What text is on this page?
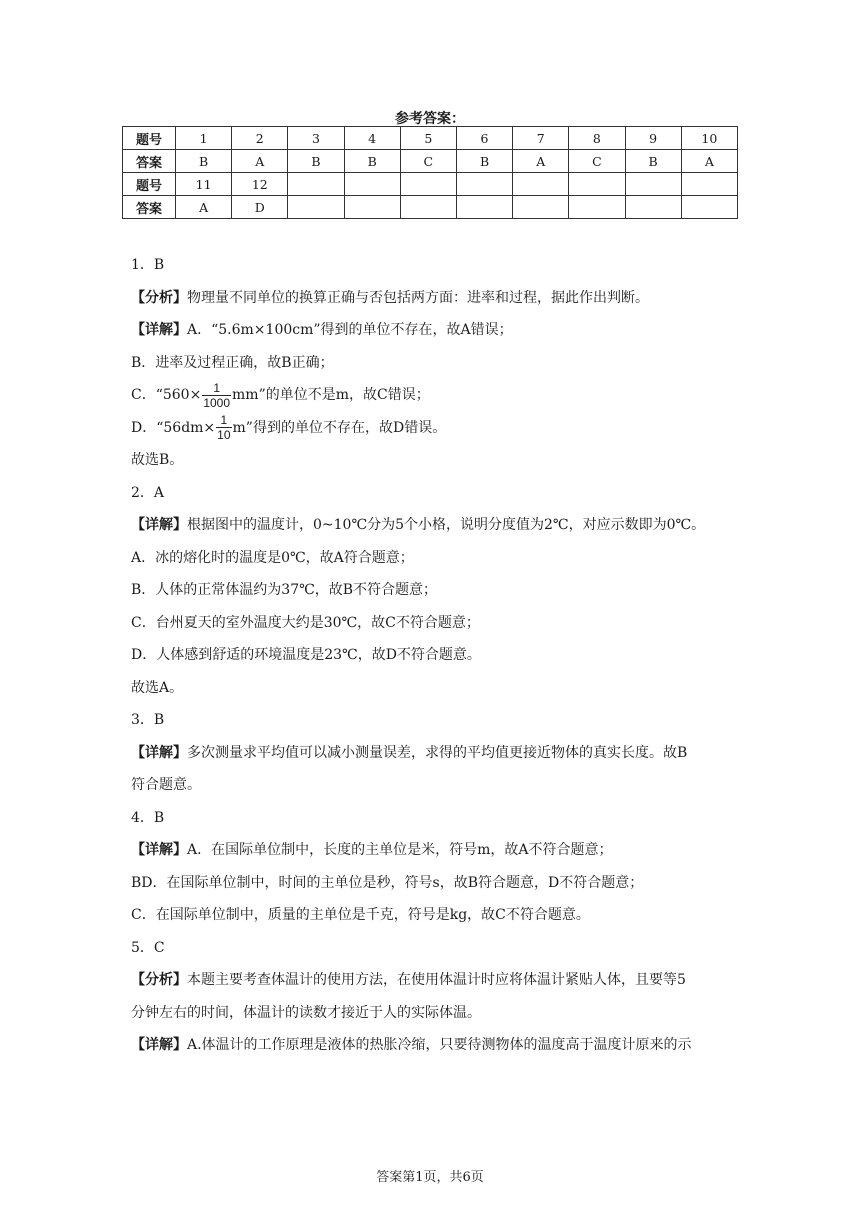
参考答案：
题号	1	2	3	4	5	6	7	8	9	10
答案	B	A	B	B	C	B	A	C	B	A
题号	11	12								
答案	A	D								

1．B

【分析】物理量不同单位的换算正确与否包括两方面：进率和过程，据此作出判断。

【详解】A．“5.6m×100cm”得到的单位不存在，故A错误；

B．进率及过程正确，故B正确；

C．“$560\times \frac{1}{1000}$ mm”的单位不是m，故C错误；

D．“$56dm\times \frac{1}{10} m$”得到的单位不存在，故D错误。

故选B。

2．A

【详解】根据图中的温度计，0~10℃分为5个小格，说明分度值为2℃，对应示数即为0℃。

A．冰的熔化时的温度是0℃，故A符合题意；

B．人体的正常体温约为37℃，故B不符合题意；

C．台州夏天的室外温度大约是30℃，故C不符合题意；

D．人体感到舒适的环境温度是23℃，故D不符合题意。

故选A。

3．B

【详解】多次测量求平均值可以减小测量误差，求得的平均值更接近物体的真实长度。故B

符合题意。

4．B

【详解】A．在国际单位制中，长度的主单位是米，符号m，故A不符合题意；

BD．在国际单位制中，时间的主单位是秒，符号s，故B符合题意，D不符合题意；

C．在国际单位制中，质量的主单位是千克，符号是kg，故C不符合题意。

5．C

【分析】本题主要考查体温计的使用方法，在使用体温计时应将体温计紧贴人体，且要等5

分钟左右的时间，体温计的读数才接近于人的实际体温。

【详解】A.体温计的工作原理是液体的热胀冷缩，只要待测物体的温度高于温度计原来的示

答案第1页，共6页
